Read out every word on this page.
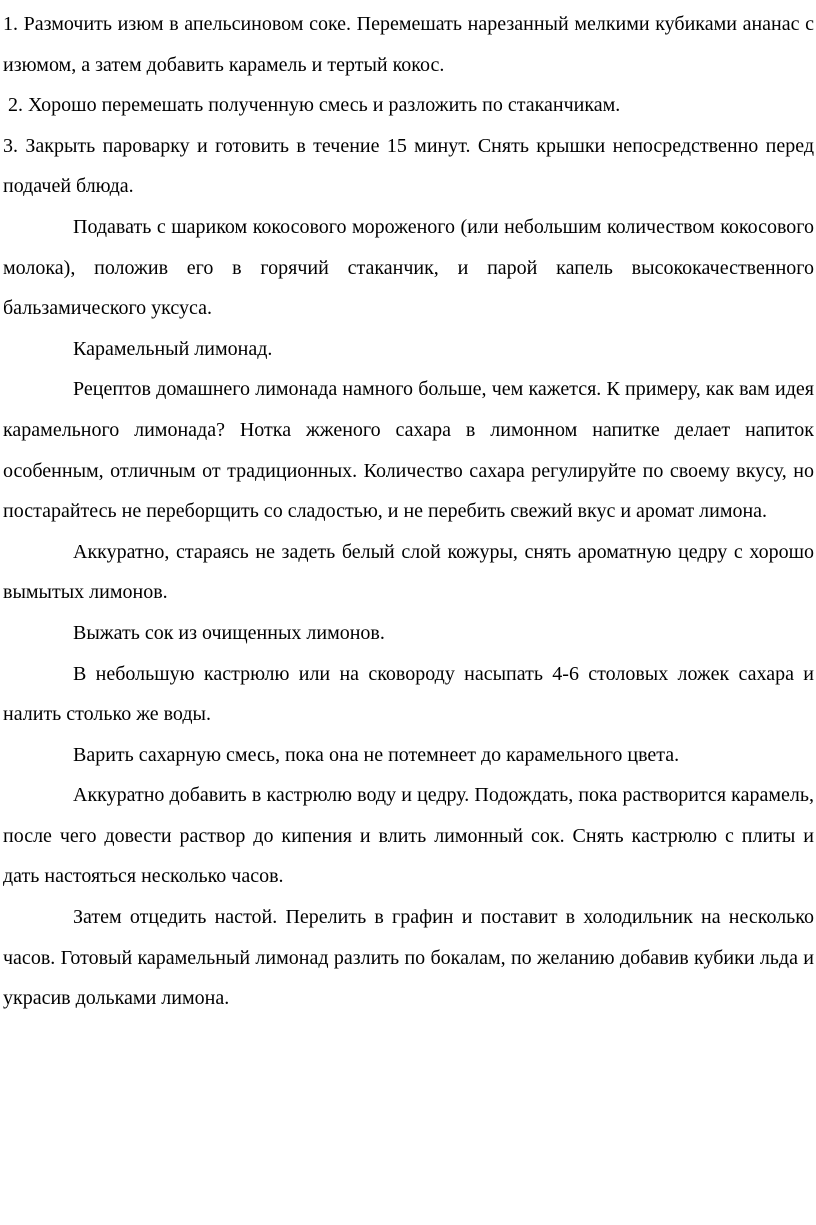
1. Размочить изюм в апельсиновом соке. Перемешать нарезанный мелкими кубиками ананас с изюмом, а затем добавить карамель и тертый кокос.

2. Хорошо перемешать полученную смесь и разложить по стаканчикам.

3. Закрыть пароварку и готовить в течение 15 минут. Снять крышки непосредственно перед подачей блюда.

Подавать с шариком кокосового мороженого (или небольшим количеством кокосового молока), положив его в горячий стаканчик, и парой капель высококачественного бальзамического уксуса.

Карамельный лимонад.

Рецептов домашнего лимонада намного больше, чем кажется. К примеру, как вам идея карамельного лимонада? Нотка жженого сахара в лимонном напитке делает напиток особенным, отличным от традиционных. Количество сахара регулируйте по своему вкусу, но постарайтесь не переборщить со сладостью, и не перебить свежий вкус и аромат лимона.

Аккуратно, стараясь не задеть белый слой кожуры, снять ароматную цедру с хорошо вымытых лимонов.

Выжать сок из очищенных лимонов.

В небольшую кастрюлю или на сковороду насыпать 4-6 столовых ложек сахара и налить столько же воды.

Варить сахарную смесь, пока она не потемнеет до карамельного цвета.

Аккуратно добавить в кастрюлю воду и цедру. Подождать, пока растворится карамель, после чего довести раствор до кипения и влить лимонный сок. Снять кастрюлю с плиты и дать настояться несколько часов.

Затем отцедить настой. Перелить в графин и поставит в холодильник на несколько часов. Готовый карамельный лимонад разлить по бокалам, по желанию добавив кубики льда и украсив дольками лимона.
